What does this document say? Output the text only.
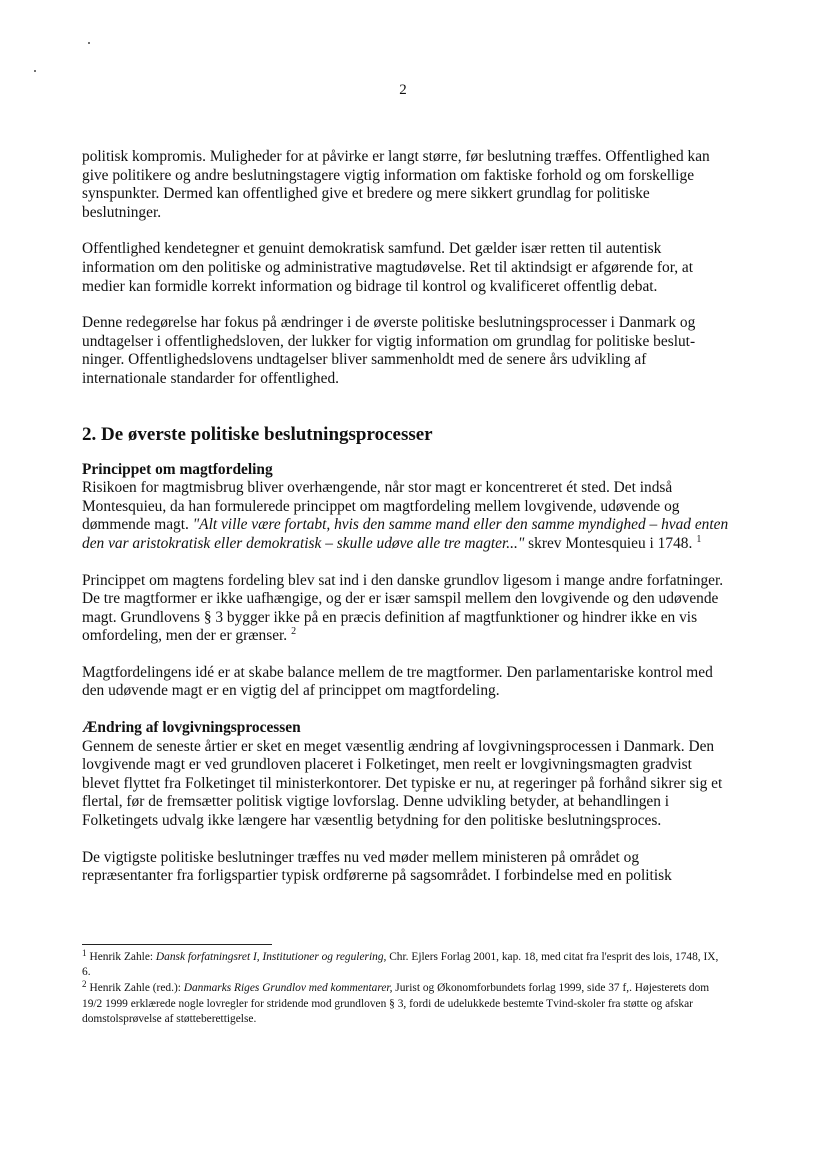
2

politisk kompromis. Muligheder for at påvirke er langt større, før beslutning træffes. Offentlighed kan give politikere og andre beslutningstagere vigtig information om faktiske forhold og om forskellige synspunkter. Dermed kan offentlighed give et bredere og mere sikkert grundlag for politiske beslutninger.

Offentlighed kendetegner et genuint demokratisk samfund. Det gælder især retten til autentisk information om den politiske og administrative magtudøvelse. Ret til aktindsigt er afgørende for, at medier kan formidle korrekt information og bidrage til kontrol og kvalificeret offentlig debat.

Denne redegørelse har fokus på ændringer i de øverste politiske beslutningsprocesser i Danmark og undtagelser i offentlighedsloven, der lukker for vigtig information om grundlag for politiske beslut-ninger. Offentlighedslovens undtagelser bliver sammenholdt med de senere års udvikling af internationale standarder for offentlighed.

2. De øverste politiske beslutningsprocesser

Princippet om magtfordeling

Risikoen for magtmisbrug bliver overhængende, når stor magt er koncentreret ét sted. Det indså Montesquieu, da han formulerede princippet om magtfordeling mellem lovgivende, udøvende og dømmende magt. "Alt ville være fortabt, hvis den samme mand eller den samme myndighed – hvad enten den var aristokratisk eller demokratisk – skulle udøve alle tre magter..." skrev Montesquieu i 1748. $^1$

Princippet om magtens fordeling blev sat ind i den danske grundlov ligesom i mange andre forfatninger. De tre magtformer er ikke uafhængige, og der er især samspil mellem den lovgivende og den udøvende magt. Grundlovens § 3 bygger ikke på en præcis definition af magtfunktioner og hindrer ikke en vis omfordeling, men der er grænser. $^2$

Magtfordelingens idé er at skabe balance mellem de tre magtformer. Den parlamentariske kontrol med den udøvende magt er en vigtig del af princippet om magtfordeling.

Ændring af lovgivningsprocessen

Gennem de seneste årtier er sket en meget væsentlig ændring af lovgivningsprocessen i Danmark. Den lovgivende magt er ved grundloven placeret i Folketinget, men reelt er lovgivningsmagten gradvist blevet flyttet fra Folketinget til ministerkontorer. Det typiske er nu, at regeringer på forhånd sikrer sig et flertal, før de fremsætter politisk vigtige lovforslag. Denne udvikling betyder, at behandlingen i Folketingets udvalg ikke længere har væsentlig betydning for den politiske beslutningsproces.

De vigtigste politiske beslutninger træffes nu ved møder mellem ministeren på området og repræsentanter fra forligspartier typisk ordførerne på sagsområdet. I forbindelse med en politisk

$^1$ Henrik Zahle: Dansk forfatningsret I, Institutioner og regulering, Chr. Ejlers Forlag 2001, kap. 18, med citat fra l'esprit des lois, 1748, IX, 6.

$^2$ Henrik Zahle (red.): Danmarks Riges Grundlov med kommentarer, Jurist og Økonomforbundets forlag 1999, side 37 f,. Højesterets dom 19/2 1999 erklærede nogle lovregler for stridende mod grundloven § 3, fordi de udelukkede bestemte Tvind-skoler fra støtte og afskar domstolsprøvelse af støtteberettigelse.
